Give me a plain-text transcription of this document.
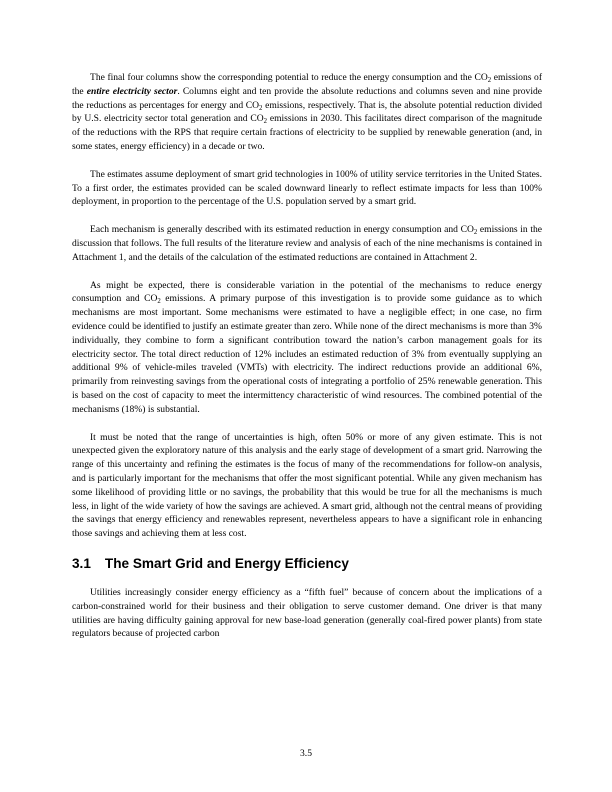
The final four columns show the corresponding potential to reduce the energy consumption and the $CO_2$ emissions of the entire electricity sector. Columns eight and ten provide the absolute reductions and columns seven and nine provide the reductions as percentages for energy and $CO_2$ emissions, respectively. That is, the absolute potential reduction divided by U.S. electricity sector total generation and $CO_2$ emissions in 2030. This facilitates direct comparison of the magnitude of the reductions with the RPS that require certain fractions of electricity to be supplied by renewable generation (and, in some states, energy efficiency) in a decade or two.

The estimates assume deployment of smart grid technologies in 100% of utility service territories in the United States. To a first order, the estimates provided can be scaled downward linearly to reflect estimate impacts for less than 100% deployment, in proportion to the percentage of the U.S. population served by a smart grid.

Each mechanism is generally described with its estimated reduction in energy consumption and $CO_2$ emissions in the discussion that follows. The full results of the literature review and analysis of each of the nine mechanisms is contained in Attachment 1, and the details of the calculation of the estimated reductions are contained in Attachment 2.

As might be expected, there is considerable variation in the potential of the mechanisms to reduce energy consumption and $CO_2$ emissions. A primary purpose of this investigation is to provide some guidance as to which mechanisms are most important. Some mechanisms were estimated to have a negligible effect; in one case, no firm evidence could be identified to justify an estimate greater than zero. While none of the direct mechanisms is more than 3% individually, they combine to form a significant contribution toward the nation’s carbon management goals for its electricity sector. The total direct reduction of 12% includes an estimated reduction of 3% from eventually supplying an additional 9% of vehicle-miles traveled (VMTs) with electricity. The indirect reductions provide an additional 6%, primarily from reinvesting savings from the operational costs of integrating a portfolio of 25% renewable generation. This is based on the cost of capacity to meet the intermittency characteristic of wind resources. The combined potential of the mechanisms (18%) is substantial.

It must be noted that the range of uncertainties is high, often 50% or more of any given estimate. This is not unexpected given the exploratory nature of this analysis and the early stage of development of a smart grid. Narrowing the range of this uncertainty and refining the estimates is the focus of many of the recommendations for follow-on analysis, and is particularly important for the mechanisms that offer the most significant potential. While any given mechanism has some likelihood of providing little or no savings, the probability that this would be true for all the mechanisms is much less, in light of the wide variety of how the savings are achieved. A smart grid, although not the central means of providing the savings that energy efficiency and renewables represent, nevertheless appears to have a significant role in enhancing those savings and achieving them at less cost.

3.1 The Smart Grid and Energy Efficiency

Utilities increasingly consider energy efficiency as a “fifth fuel” because of concern about the implications of a carbon-constrained world for their business and their obligation to serve customer demand. One driver is that many utilities are having difficulty gaining approval for new base-load generation (generally coal-fired power plants) from state regulators because of projected carbon

3.5
